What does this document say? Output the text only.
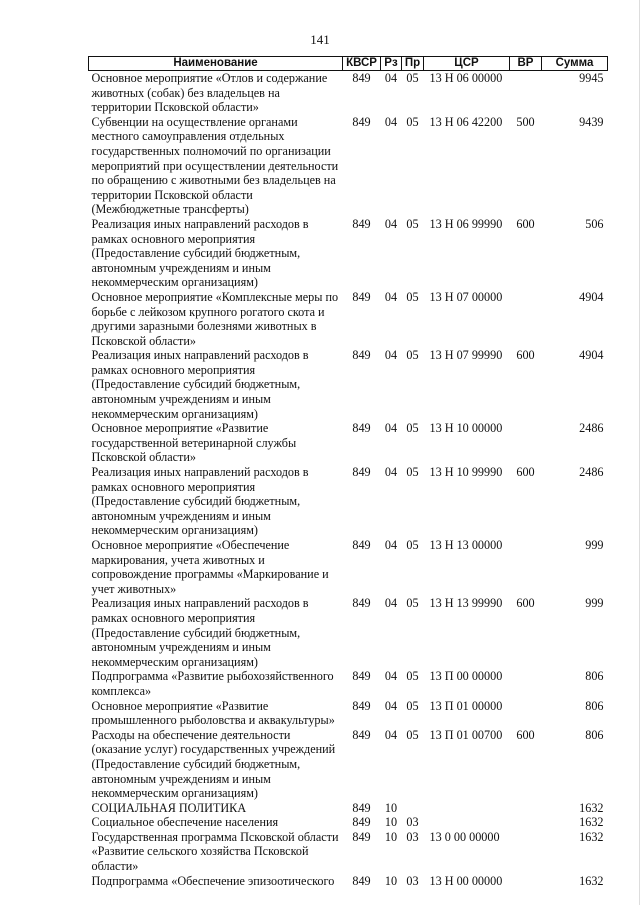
141
Наименование	КВСР	Рз	Пр	ЦСР	ВР	Сумма
Основное мероприятие «Отлов и содержание животных (собак) без владельцев на территории Псковской области»	849	04	05	13 Н 06 00000		9945
Субвенции на осуществление органами местного самоуправления отдельных государственных полномочий по организации мероприятий при осуществлении деятельности по обращению с животными без владельцев на территории Псковской области (Межбюджетные трансферты)	849	04	05	13 Н 06 42200	500	9439
Реализация иных направлений расходов в рамках основного мероприятия (Предоставление субсидий бюджетным, автономным учреждениям и иным некоммерческим организациям)	849	04	05	13 Н 06 99990	600	506
Основное мероприятие «Комплексные меры по борьбе с лейкозом крупного рогатого скота и другими заразными болезнями животных в Псковской области»	849	04	05	13 Н 07 00000		4904
Реализация иных направлений расходов в рамках основного мероприятия (Предоставление субсидий бюджетным, автономным учреждениям и иным некоммерческим организациям)	849	04	05	13 Н 07 99990	600	4904
Основное мероприятие «Развитие государственной ветеринарной службы Псковской области»	849	04	05	13 Н 10 00000		2486
Реализация иных направлений расходов в рамках основного мероприятия (Предоставление субсидий бюджетным, автономным учреждениям и иным некоммерческим организациям)	849	04	05	13 Н 10 99990	600	2486
Основное мероприятие «Обеспечение маркирования, учета животных и сопровождение программы «Маркирование и учет животных»	849	04	05	13 Н 13 00000		999
Реализация иных направлений расходов в рамках основного мероприятия (Предоставление субсидий бюджетным, автономным учреждениям и иным некоммерческим организациям)	849	04	05	13 Н 13 99990	600	999
Подпрограмма «Развитие рыбохозяйственного комплекса»	849	04	05	13 П 00 00000		806
Основное мероприятие «Развитие промышленного рыболовства и аквакультуры»	849	04	05	13 П 01 00000		806
Расходы на обеспечение деятельности (оказание услуг) государственных учреждений (Предоставление субсидий бюджетным, автономным учреждениям и иным некоммерческим организациям)	849	04	05	13 П 01 00700	600	806
СОЦИАЛЬНАЯ ПОЛИТИКА	849	10				1632
Социальное обеспечение населения	849	10	03			1632
Государственная программа Псковской области «Развитие сельского хозяйства Псковской области»	849	10	03	13 0 00 00000		1632
Подпрограмма «Обеспечение эпизоотического	849	10	03	13 Н 00 00000		1632
